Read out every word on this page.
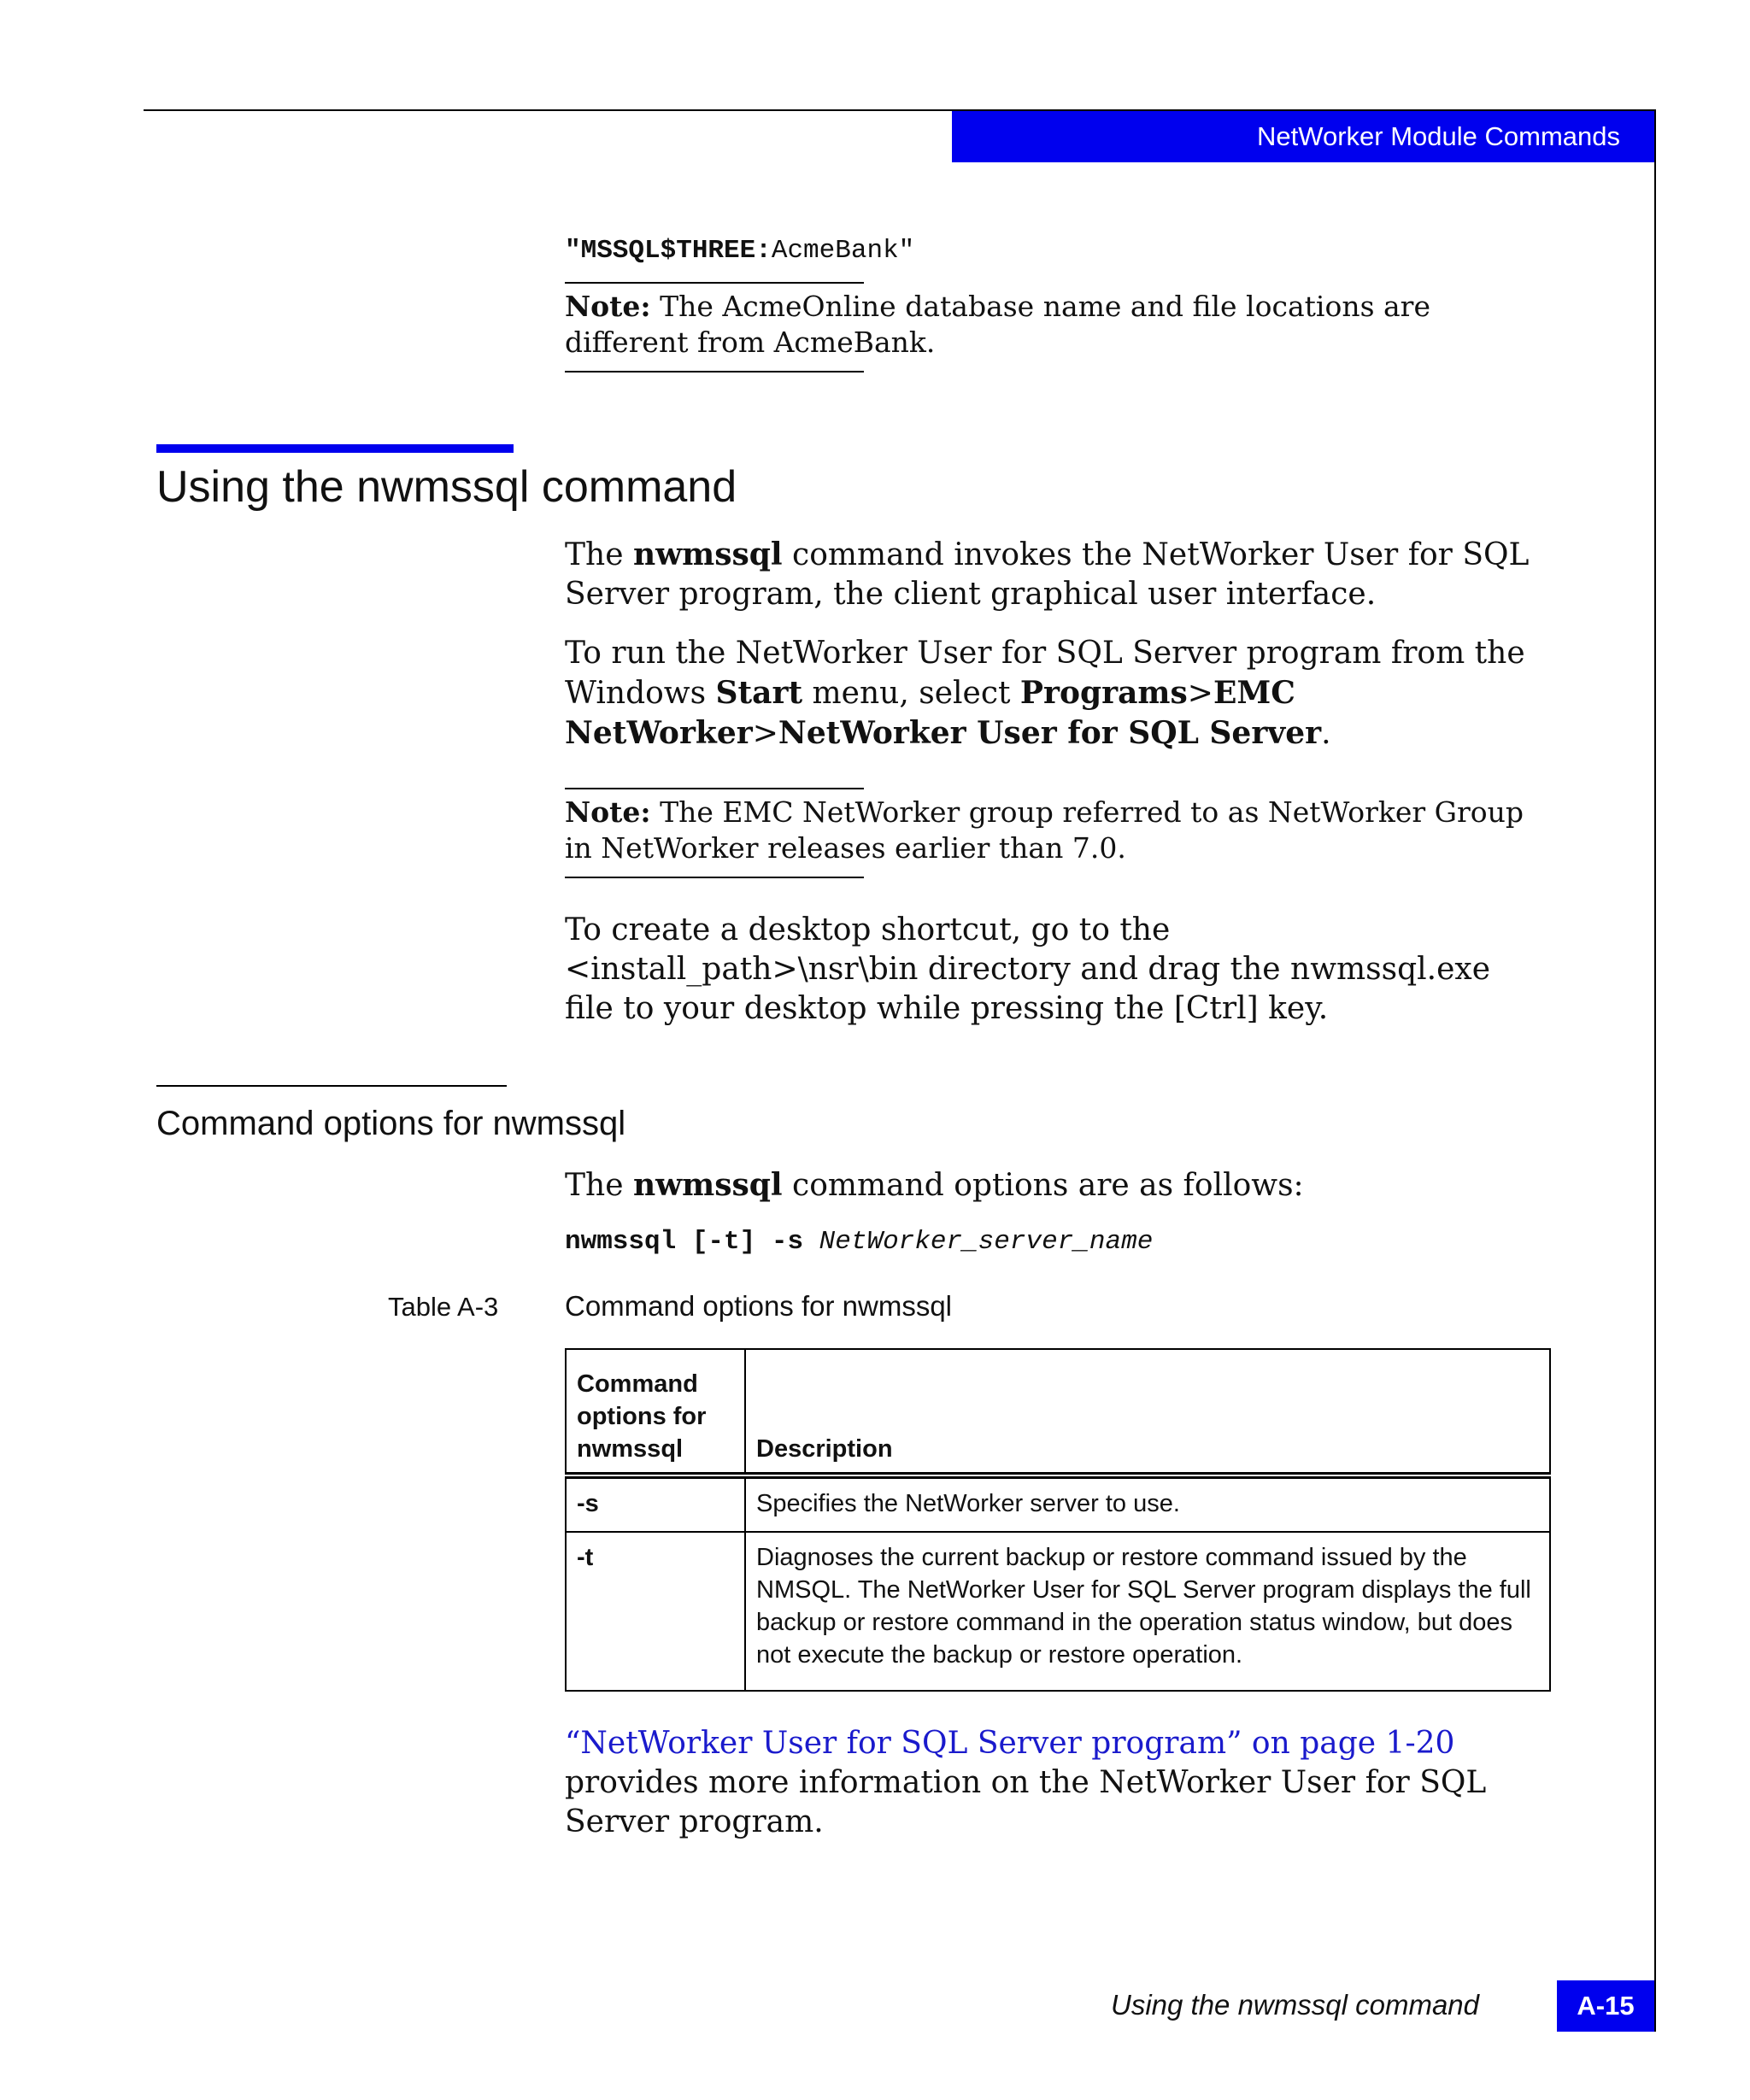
NetWorker Module Commands
"MSSQL$THREE:AcmeBank"
Note: The AcmeOnline database name and file locations are different from AcmeBank.
Using the nwmssql command
The nwmssql command invokes the NetWorker User for SQL Server program, the client graphical user interface.
To run the NetWorker User for SQL Server program from the Windows Start menu, select Programs>EMC NetWorker>NetWorker User for SQL Server.
Note: The EMC NetWorker group referred to as NetWorker Group in NetWorker releases earlier than 7.0.
To create a desktop shortcut, go to the <install_path>\nsr\bin directory and drag the nwmssql.exe file to your desktop while pressing the [Ctrl] key.
Command options for nwmssql
The nwmssql command options are as follows:
nwmssql [-t] -s NetWorker_server_name
Table A-3 Command options for nwmssql
Command options for nwmssql	Description
-s	Specifies the NetWorker server to use.
-t	Diagnoses the current backup or restore command issued by the NMSQL. The NetWorker User for SQL Server program displays the full backup or restore command in the operation status window, but does not execute the backup or restore operation.
“NetWorker User for SQL Server program” on page 1-20 provides more information on the NetWorker User for SQL Server program.
Using the nwmssql command	A-15
